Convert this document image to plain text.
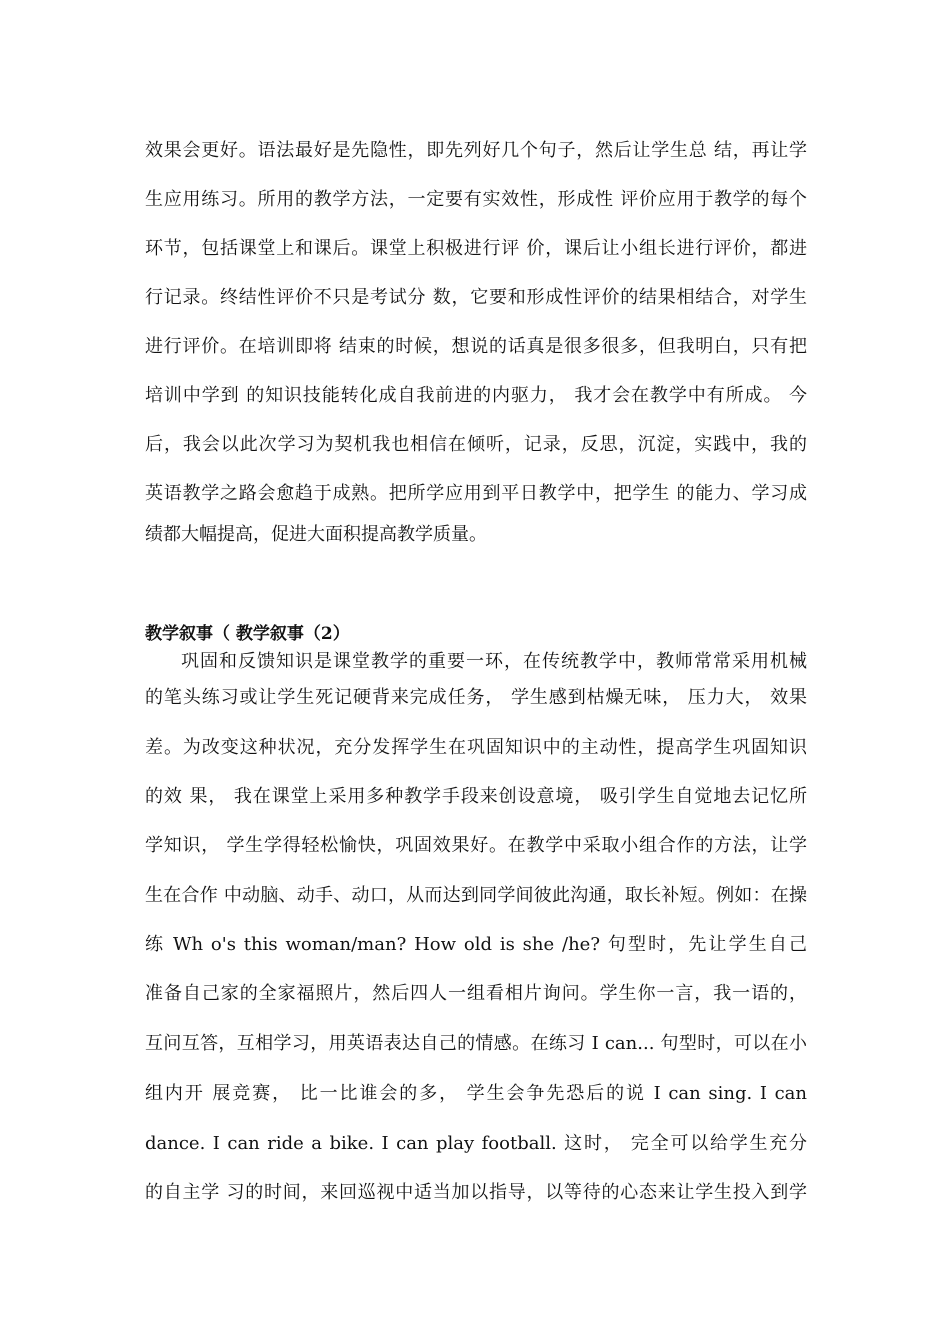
效果会更好。语法最好是先隐性，即先列好几个句子，然后让学生总 结，再让学
生应用练习。所用的教学方法，一定要有实效性，形成性 评价应用于教学的每个
环节，包括课堂上和课后。课堂上积极进行评 价，课后让小组长进行评价，都进
行记录。终结性评价不只是考试分 数，它要和形成性评价的结果相结合，对学生
进行评价。在培训即将 结束的时候，想说的话真是很多很多，但我明白，只有把
培训中学到 的知识技能转化成自我前进的内驱力， 我才会在教学中有所成。 今
后，我会以此次学习为契机我也相信在倾听，记录，反思，沉淀，实践中，我的
英语教学之路会愈趋于成熟。把所学应用到平日教学中，把学生 的能力、学习成
绩都大幅提高，促进大面积提高教学质量。
教学叙事（ 教学叙事（2）
巩固和反馈知识是课堂教学的重要一环，在传统教学中，教师常常采用机械
的笔头练习或让学生死记硬背来完成任务， 学生感到枯燥无味， 压力大， 效果
差。为改变这种状况，充分发挥学生在巩固知识中的主动性，提高学生巩固知识
的效 果， 我在课堂上采用多种教学手段来创设意境， 吸引学生自觉地去记忆所
学知识， 学生学得轻松愉快，巩固效果好。在教学中采取小组合作的方法，让学
生在合作 中动脑、动手、动口，从而达到同学间彼此沟通，取长补短。例如：在操
练 Wh o's this woman/man? How old is she /he? 句型时，先让学生自己
准备自己家的全家福照片，然后四人一组看相片询问。学生你一言，我一语的，
互问互答，互相学习，用英语表达自己的情感。在练习 I can... 句型时，可以在小
组内开 展竞赛， 比一比谁会的多， 学生会争先恐后的说 I can sing. I can
dance. I can ride a bike. I can play football. 这时， 完全可以给学生充分
的自主学 习的时间，来回巡视中适当加以指导，以等待的心态来让学生投入到学
